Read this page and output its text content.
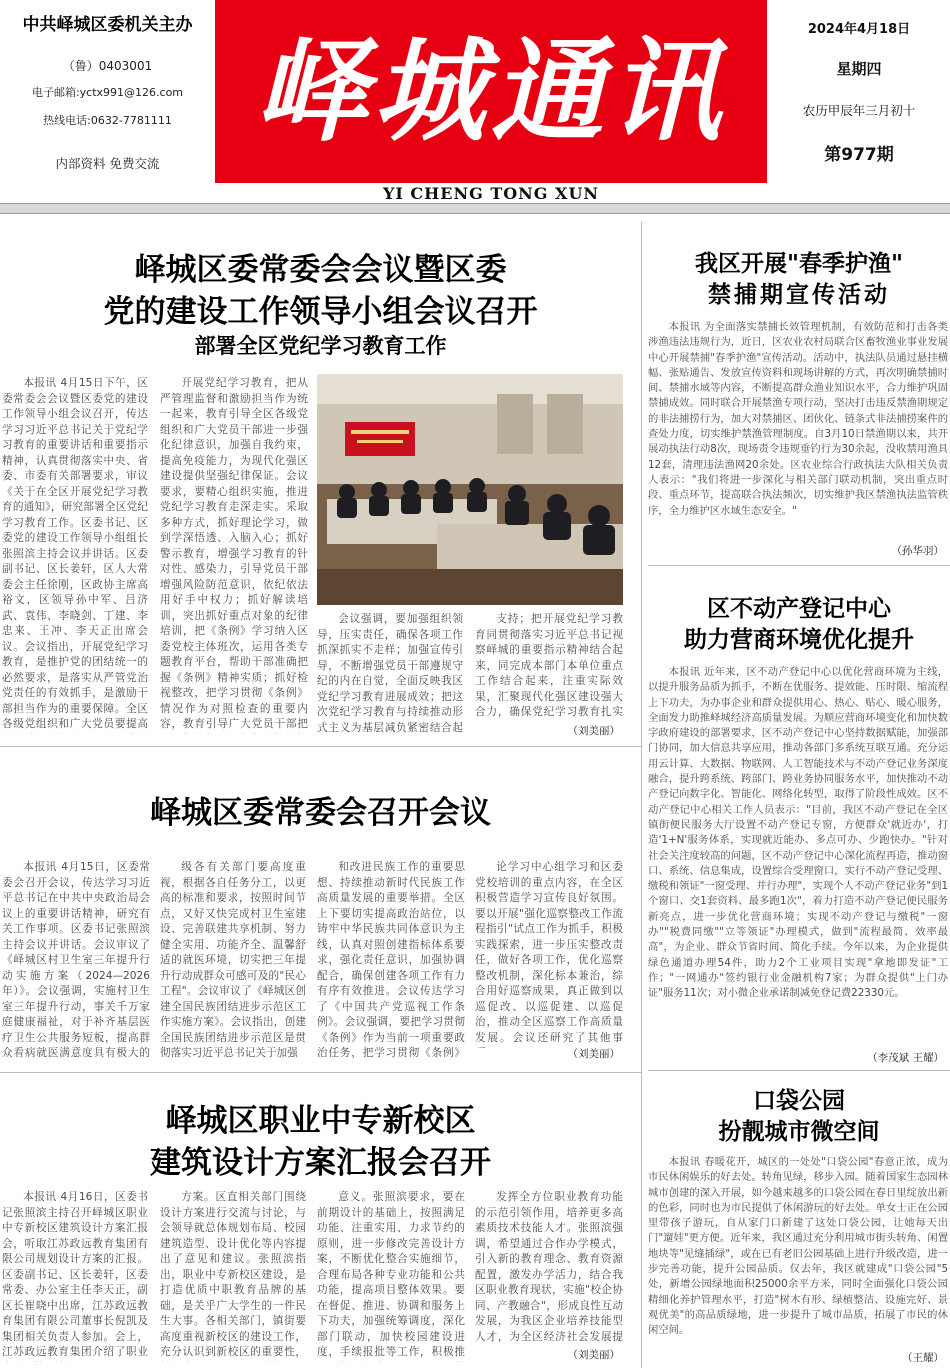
中共峄城区委机关主办
（鲁）0403001
电子邮箱:yctx991@126.com
热线电话:0632-7781111
内部资料 免费交流
峄城通讯
YI CHENG TONG XUN
2024年4月18日
星期四
农历甲辰年三月初十
第977期
峄城区委常委会会议暨区委
党的建设工作领导小组会议召开
部署全区党纪学习教育工作

本报讯 4月15日下午，区委常委会会议暨区委党的建设工作领导小组会议召开，传达学习习近平总书记关于党纪学习教育的重要讲话和重要指示精神，认真贯彻落实中央、省委、市委有关部署要求，审议《关于在全区开展党纪学习教育的通知》，研究部署全区党纪学习教育工作。区委书记、区委党的建设工作领导小组组长张照滨主持会议并讲话。区委副书记、区长姜轩，区人大常委会主任徐刚，区政协主席高裕文，区领导孙中军、吕济武、袁伟、李晓剑、丁建、李忠来、王冲、李天正出席会议。会议指出，开展党纪学习教育，是推护党的团结统一的必然要求，是落实从严管党治党责任的有效抓手，是激励干部担当作为的重要保障。全区各级党组织和广大党员要提高

开展党纪学习教育，把从严管理监督和激励担当作为统一起来，教育引导全区各级党组织和广大党员干部进一步强化纪律意识，加强自我约束，提高免疫能力，为现代化强区建设提供坚强纪律保证。会议要求，要精心组织实施，推进党纪学习教育走深走实。采取多种方式，抓好理论学习，做到学深悟透、入脑入心；抓好警示教育，增强学习教育的针对性、感染力，引导党员干部增强风险防范意识，依纪依法用好手中权力；抓好解读培训，突出抓好重点对象的纪律培训，把《条例》学习纳入区委党校主体班次，运用各类专题教育平台，帮助干部准确把握《条例》精神实质；抓好检视整改，把学习贯彻《条例》情况作为对照检查的重要内容，教育引导广大党员干部把

会议强调，要加强组织领导，压实责任，确保各项工作抓深抓实不走样；加强宣传引导，不断增强党员干部遵规守纪的内在自觉，全面反映我区党纪学习教育进展成效；把这次党纪学习教育与持续推动形式主义为基层减负紧密结合起

支持；把开展党纪学习教育同贯彻落实习近平总书记视察峄城的重要指示精神结合起来，同完成本部门本单位重点工作结合起来，注重实际效果，汇聚现代化强区建设强大合力，确保党纪学习教育扎实

（刘美丽）
峄城区委常委会召开会议

本报讯 4月15日，区委常委会召开会议，传达学习习近平总书记在中共中央政治局会议上的重要讲话精神，研究有关工作事项。区委书记张照滨主持会议并讲话。会议审议了《峄城区村卫生室三年提升行动实施方案（2024—2026年）》。会议强调，实施村卫生室三年提升行动，事关千万家庭健康福祉，对于补齐基层医疗卫生公共服务短板，提高群众看病就医满意度具有极大的

级各有关部门要高度重视，根据各自任务分工，以更高的标准和要求，按照时间节点，又好又快完成村卫生室建设、完善联建共享机制、努力健全实用、功能齐全、温馨舒适的就医环境，切实把三年提升行动成群众可感可及的"民心工程"。会议审议了《峄城区创建全国民族团结进步示范区工作实施方案》。会议指出，创建全国民族团结进步示范区是贯彻落实习近平总书记关于加强

和改进民族工作的重要思想、持续推动新时代民族工作高质量发展的重要举措。全区上下要切实提高政治站位，以铸牢中华民族共同体意识为主线，认真对照创建指标体系要求，强化责任意识，加强协调配合，确保创建各项工作有力有序有效推进。会议传达学习了《中国共产党巡视工作条例》。会议强调，要把学习贯彻《条例》作为当前一项重要政治任务，把学习贯彻《条例》

论学习中心组学习和区委党校培训的重点内容，在全区积极营造学习宣传良好氛围。要以开展"强化巡察整改工作流程指引"试点工作为抓手，积极实践探索，进一步压实整改责任，做好各项工作，优化巡察整改机制，深化标本兼治，综合用好巡察成果，真正做到以巡促改、以巡促建、以巡促治，推动全区巡察工作高质量发展。会议还研究了其他事

（刘美丽）
峄城区职业中专新校区
建筑设计方案汇报会召开

本报讯 4月16日，区委书记张照滨主持召开峄城区职业中专新校区建筑设计方案汇报会，听取江苏政远教育集团有限公司规划设计方案的汇报。区委副书记、区长姜轩，区委常委、办公室主任李天正，副区长崔晓中出席，江苏政远教育集团有限公司董事长倪凯及集团相关负责人参加。会上，江苏政远教育集团介绍了职业

方案。区直相关部门围绕设计方案进行交流与讨论，与会领导就总体规划布局、校园建筑造型、设计优化等内容提出了意见和建议。张照滨指出，职业中专新校区建设，是打造优质中职教育品牌的基础，是关乎广大学生的一件民生大事。各相关部门，镇街要高度重视新校区的建设工作，充分认识到新校区的重要性，

意义。张照滨要求，要在前期设计的基础上，按照满足功能、注重实用、力求节约的原则，进一步修改完善设计方案，不断优化整合实施细节，合理布局各种专业功能和公共功能，提高项目整体效果。要在督促、推进、协调和服务上下功夫，加强统筹调度，深化部门联动，加快校园建设进度，手续报批等工作，积极推

发挥全方位职业教育功能的示范引领作用，培养更多高素质技术技能人才。张照滨强调，希望通过合作办学模式，引入新的教育理念、教育资源配置，激发办学活力，结合我区职业教育现状，实施"校企协同、产教融合"，形成良性互动发展，为我区企业培养技能型人才，为全区经济社会发展提

（刘美丽）
我区开展"春季护渔"
禁捕期宣传活动

本报讯 为全面落实禁捕长效管理机制，有效防范和打击各类涉渔违法违规行为，近日，区农业农村局联合区畜牧渔业事业发展中心开展禁捕"春季护渔"宣传活动。活动中，执法队员通过悬挂横幅、张贴通告、发放宣传资料和现场讲解的方式，再次明确禁捕时间、禁捕水域等内容，不断提高群众渔业知识水平，合力维护巩固禁捕成效。同时联合开展禁渔专项行动，坚决打击违反禁渔期规定的非法捕捞行为，加大对禁捕区、团伙化、链条式非法捕捞案件的查处力度，切实维护禁渔管理制度。自3月10日禁渔期以来，共开展动执法行动8次，现场责令违规垂钓行为30余起，没收禁用渔具12套，清理违法渔网20余处。区农业综合行政执法大队相关负责人表示："我们将进一步深化与相关部门联动机制，突出重点时段、重点环节，提高联合执法频次，切实维护我区禁渔执法监管秩序，全力维护区水域生态安全。"

（孙华羽）
区不动产登记中心
助力营商环境优化提升

本报讯 近年来，区不动产登记中心以优化营商环境为主线，以提升服务品质为抓手，不断在优服务、提效能、压时限、缩流程上下功夫，为办事企业和群众提供用心、热心、贴心、暖心服务，全面发力助推峄城经济高质量发展。为顺应营商环境变化和加快数字政府建设的部署要求，区不动产登记中心坚持数据赋能，加强部门协同，加大信息共享应用，推动各部门多系统互联互通。充分运用云计算、大数据、物联网、人工智能技术与不动产登记业务深度融合，提升跨系统、跨部门、跨业务协同服务水平，加快推动不动产登记向数字化、智能化、网络化转型，取得了阶段性成效。区不动产登记中心相关工作人员表示："目前，我区不动产登记在全区镇街便民服务大厅设置不动产登记专窗，方便群众'就近办'，打造'1+N'服务体系，实现就近能办、多点可办、少跑快办。"针对社会关注度较高的问题，区不动产登记中心深化流程再造，推动窗口、系统、信息集成，设置综合受理窗口，实行不动产登记受理、缴税和领证"一窗受理、并行办理"，实现个人不动产登记业务"到1个窗口、交1套资料、最多跑1次"，着力打造不动产登记便民服务新亮点，进一步优化营商环境；实现不动产登记与缴税"一窗办""税费同缴""立等领证"办理模式，做到"流程最简、效率最高"，为企业、群众节省时间、简化手续。今年以来，为企业提供绿色通道办理54件，助力2个工业项目实现"拿地即发证"工作；"一网通办"签约银行业金融机构7家；为群众提供"上门办证"服务11次；对小微企业承诺制减免登记费22330元。

（李茂斌 王耀）
口袋公园
扮靓城市微空间

本报讯 春暖花开，城区的一处处"口袋公园"春意正浓，成为市民休闲娱乐的好去处。转角见绿，移步入园。随着国家生态园林城市创建的深入开展，如今越来越多的口袋公园在春日里绽放出新的色彩，同时也为市民提供了休闲游玩的好去处。单女士正在公园里带孩子游玩，自从家门口新建了这处口袋公园，让她每天出门"遛娃"更方便。近年来，我区通过充分利用城市街头转角、闲置地块等"见缝插绿"，或在已有老旧公园基础上进行升级改造，进一步完善功能，提升公园品质。仅去年，我区就建成"口袋公园"5处，新增公园绿地面积25000余平方米，同时全面强化口袋公园精细化养护管理水平，打造"树木有形、绿植整洁、设施完好、景观优美"的高品质绿地，进一步提升了城市品质，拓展了市民的休闲空间。

（王耀）
